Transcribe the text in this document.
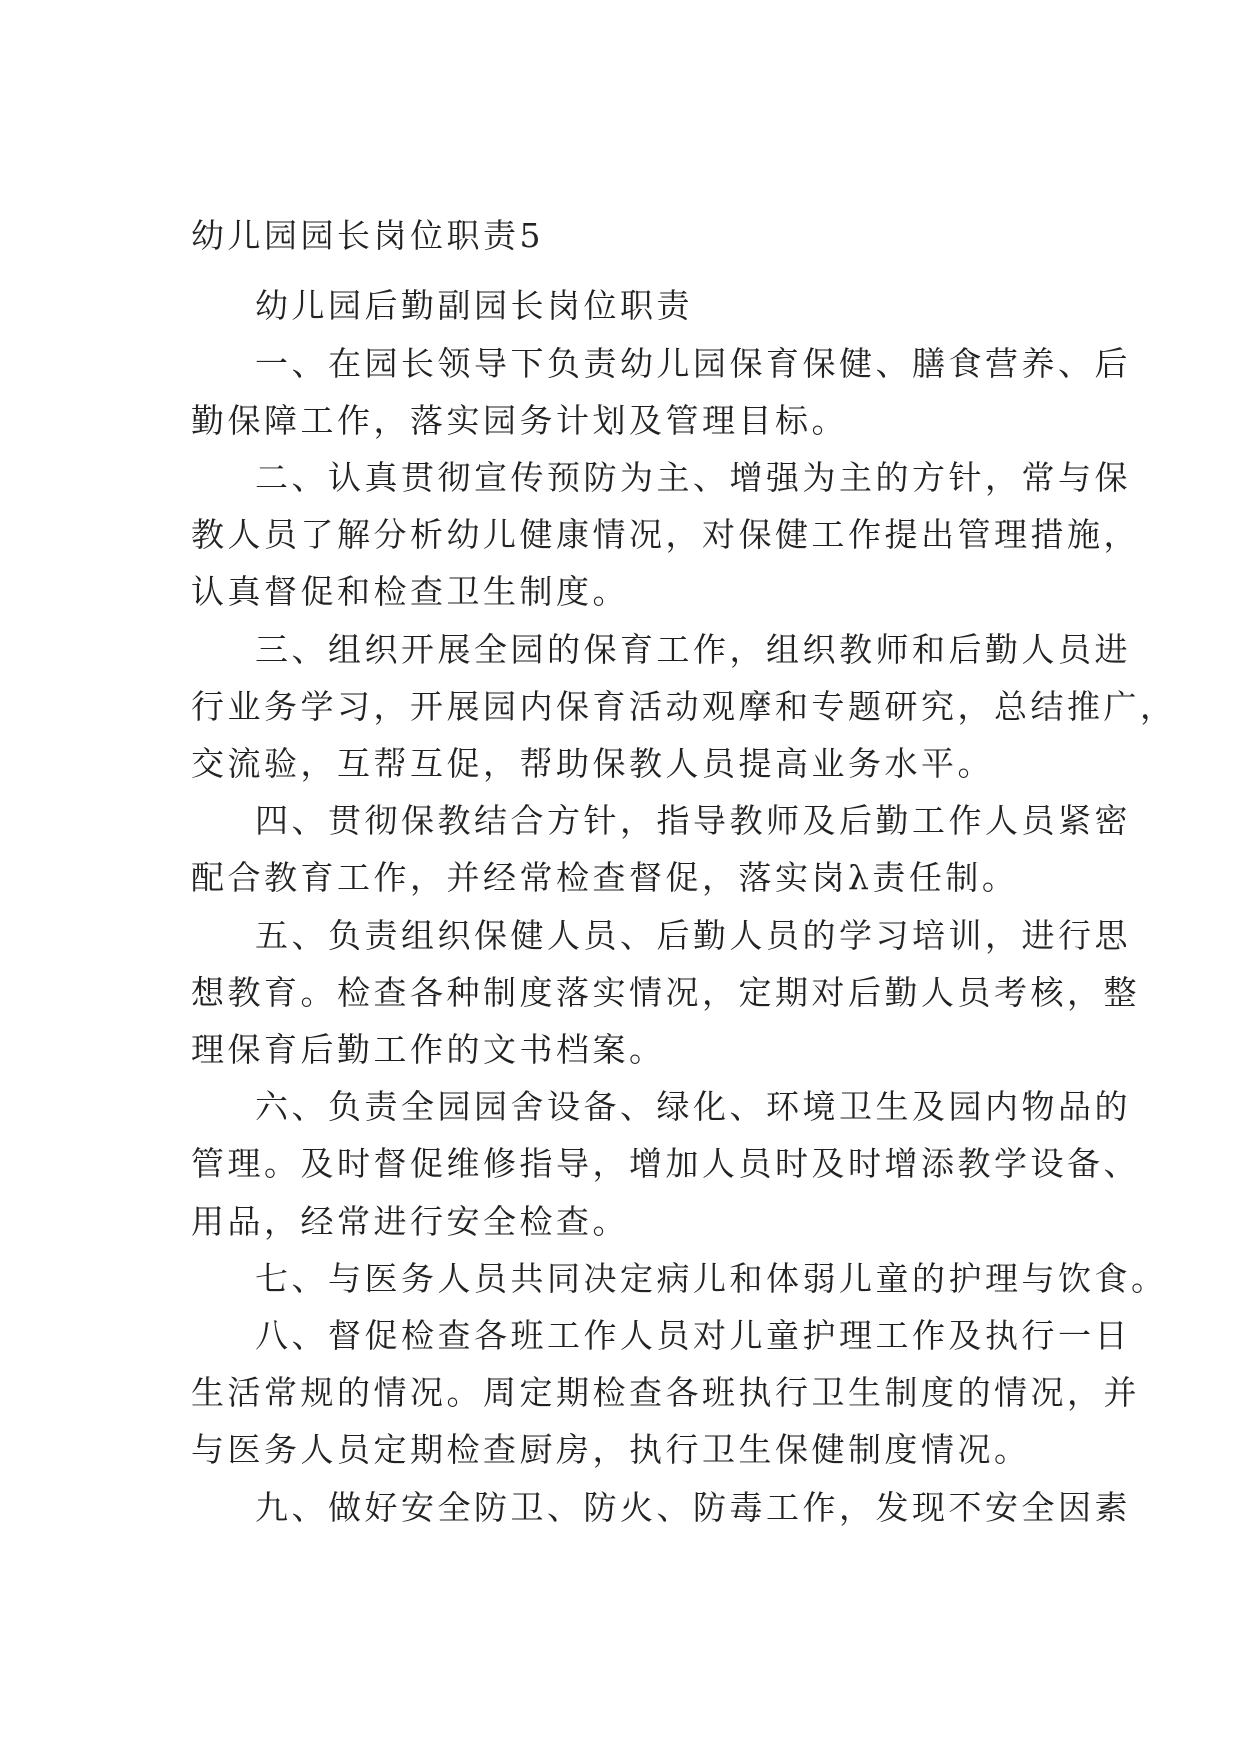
幼儿园园长岗位职责5
幼儿园后勤副园长岗位职责
一、在园长领导下负责幼儿园保育保健、膳食营养、后
勤保障工作，落实园务计划及管理目标。
二、认真贯彻宣传预防为主、增强为主的方针，常与保
教人员了解分析幼儿健康情况，对保健工作提出管理措施，
认真督促和检查卫生制度。
三、组织开展全园的保育工作，组织教师和后勤人员进
行业务学习，开展园内保育活动观摩和专题研究，总结推广，
交流验，互帮互促，帮助保教人员提高业务水平。
四、贯彻保教结合方针，指导教师及后勤工作人员紧密
配合教育工作，并经常检查督促，落实岗λ责任制。
五、负责组织保健人员、后勤人员的学习培训，进行思
想教育。检查各种制度落实情况，定期对后勤人员考核，整
理保育后勤工作的文书档案。
六、负责全园园舍设备、绿化、环境卫生及园内物品的
管理。及时督促维修指导，增加人员时及时增添教学设备、
用品，经常进行安全检查。
七、与医务人员共同决定病儿和体弱儿童的护理与饮食。
八、督促检查各班工作人员对儿童护理工作及执行一日
生活常规的情况。周定期检查各班执行卫生制度的情况，并
与医务人员定期检查厨房，执行卫生保健制度情况。
九、做好安全防卫、防火、防毒工作，发现不安全因素
